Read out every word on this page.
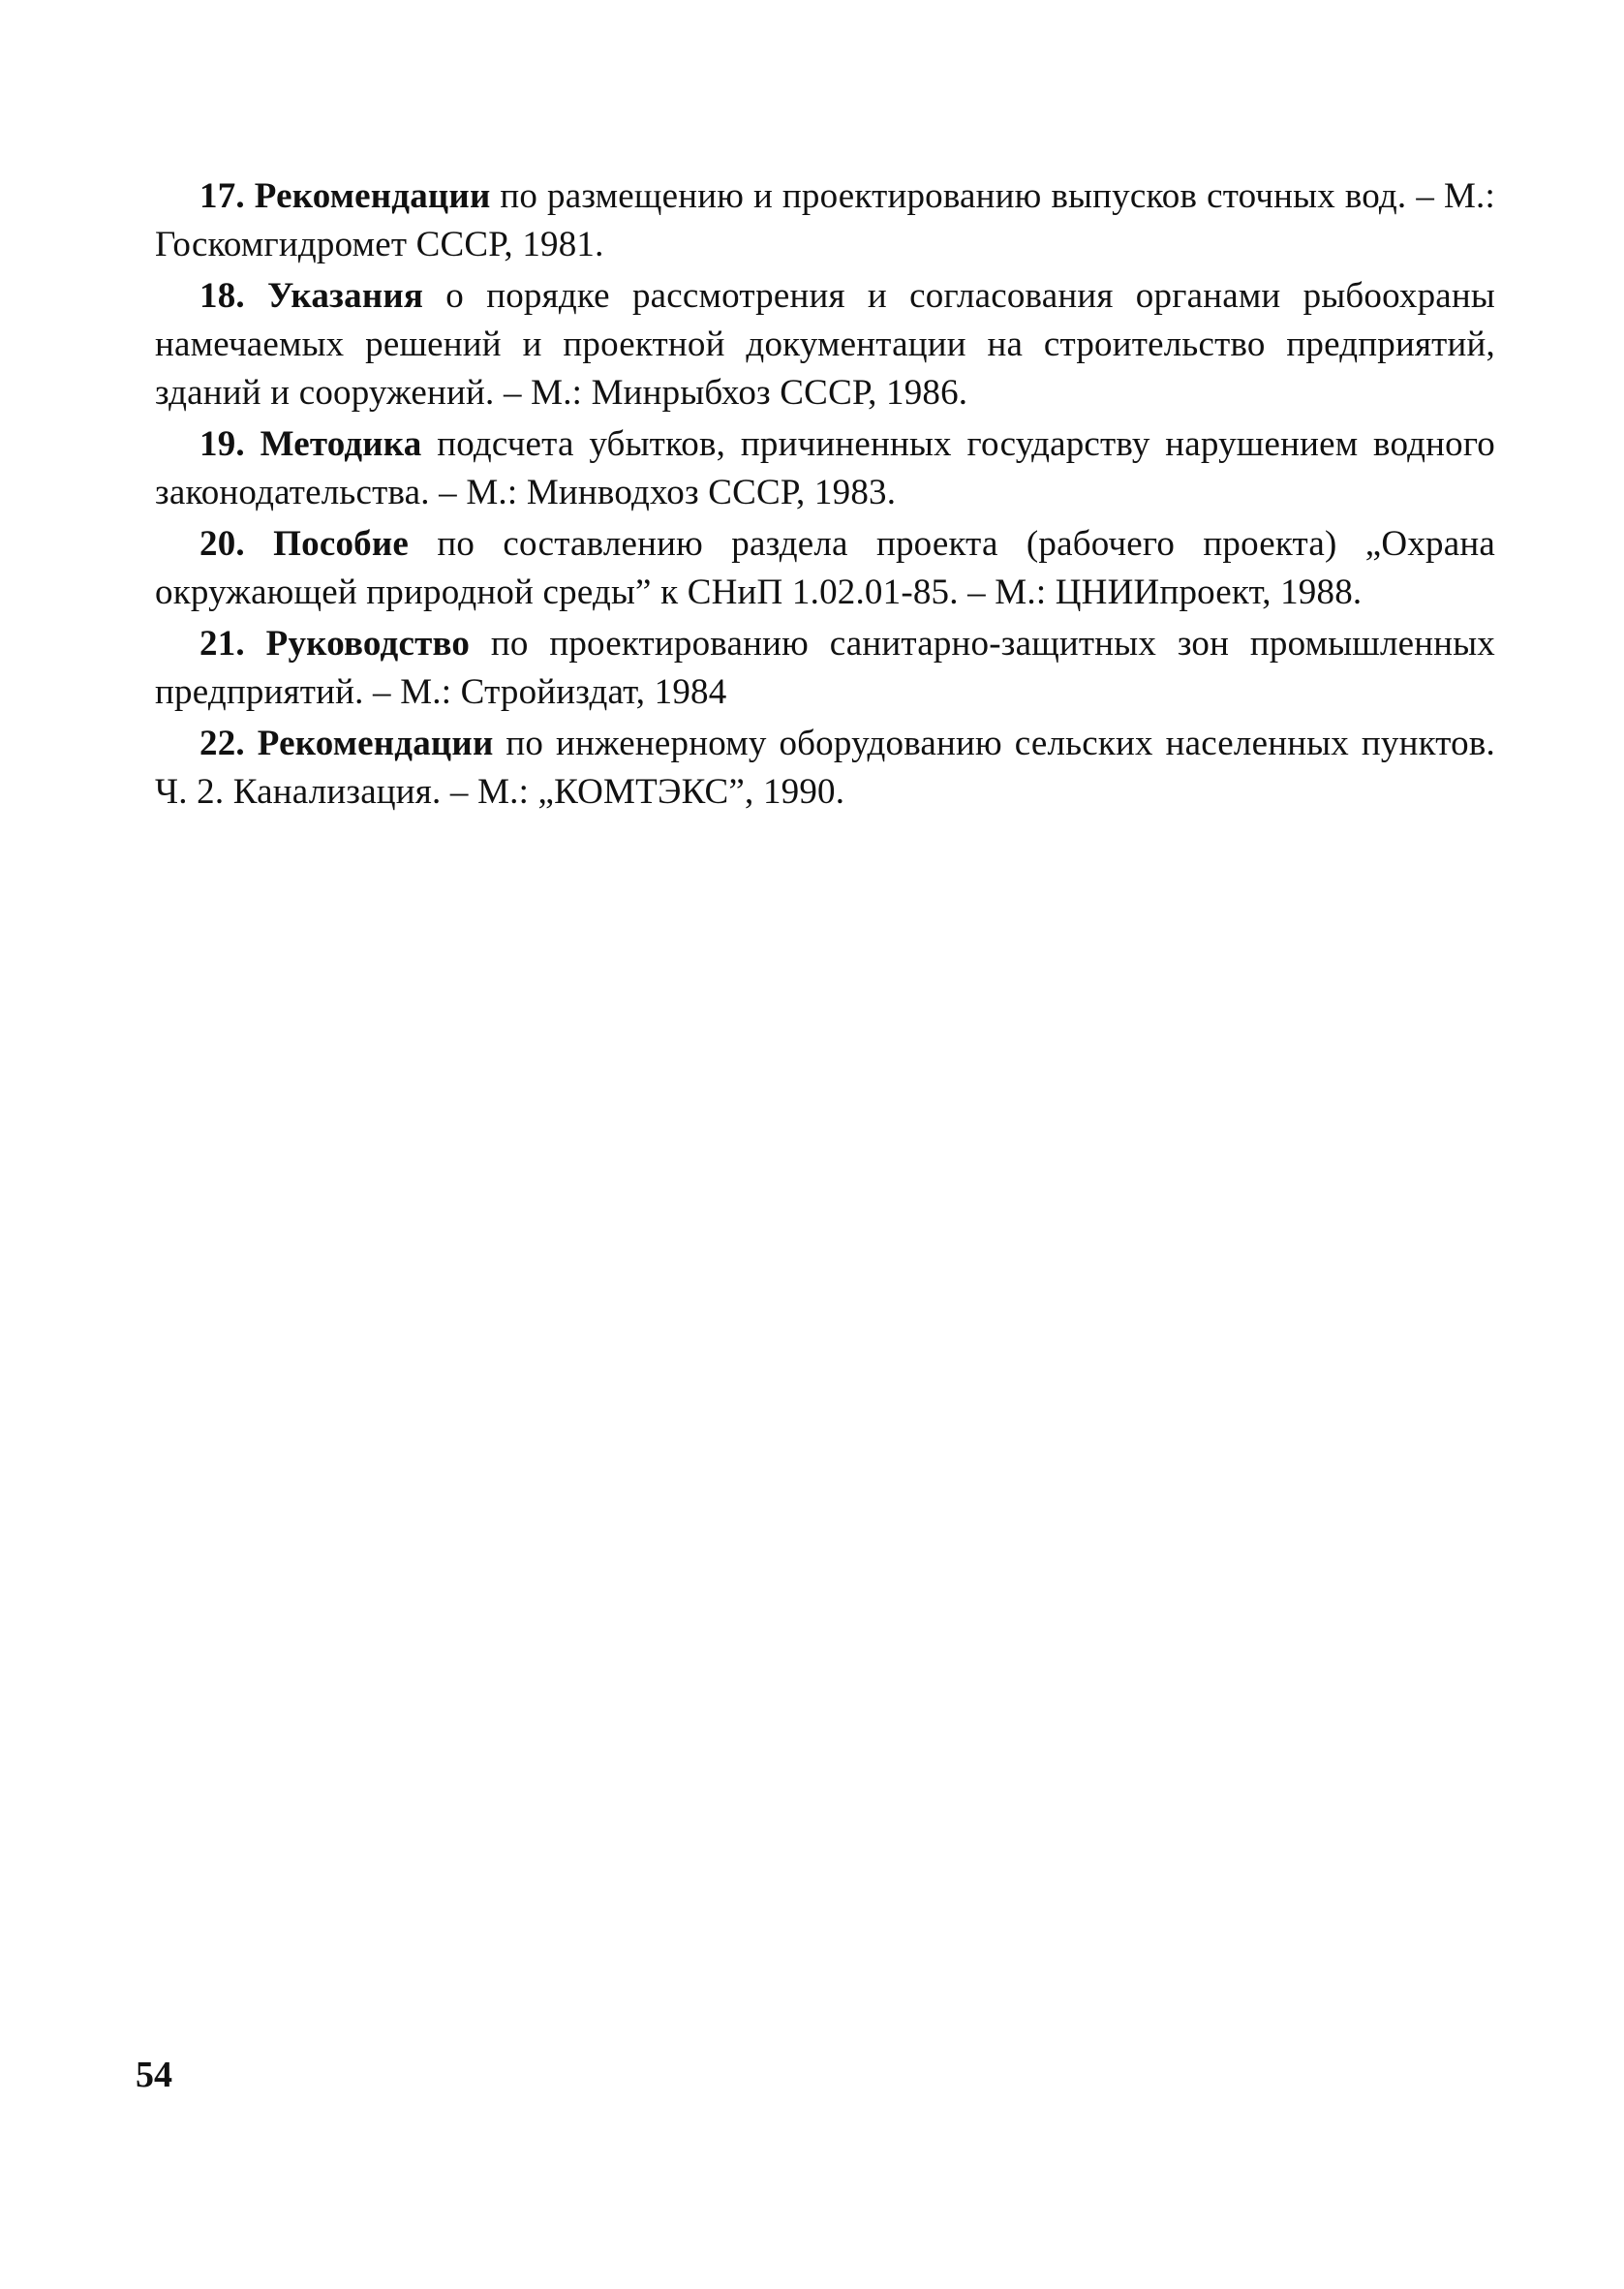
17. Рекомендации по размещению и проектированию выпусков сточных вод. – М.: Госкомгидромет СССР, 1981.
18. Указания о порядке рассмотрения и согласования органами рыбоохраны намечаемых решений и проектной документации на строительство предприятий, зданий и сооружений. – М.: Минрыбхоз СССР, 1986.
19. Методика подсчета убытков, причиненных государству нарушением водного законодательства. – М.: Минводхоз СССР, 1983.
20. Пособие по составлению раздела проекта (рабочего проекта) „Охрана окружающей природной среды” к СНиП 1.02.01-85. – М.: ЦНИИпроект, 1988.
21. Руководство по проектированию санитарно-защитных зон промышленных предприятий. – М.: Стройиздат, 1984
22. Рекомендации по инженерному оборудованию сельских населенных пунктов. Ч. 2. Канализация. – М.: „КОМТЭКС”, 1990.
54
